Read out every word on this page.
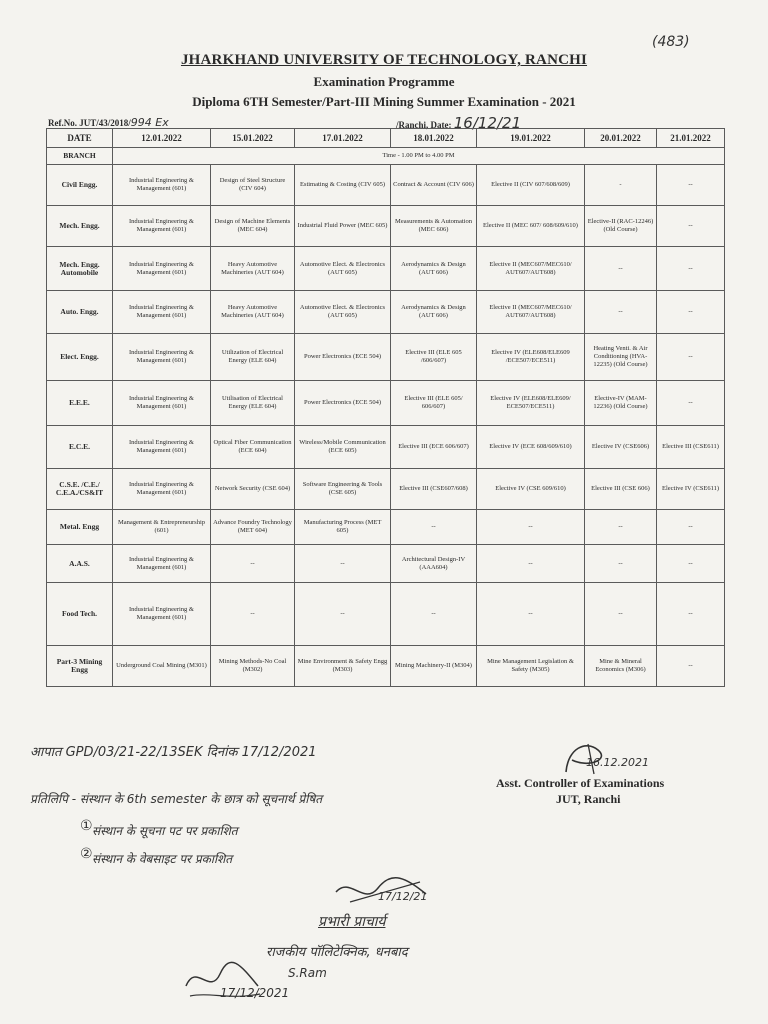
(483)
JHARKHAND UNIVERSITY OF TECHNOLOGY, RANCHI
Examination Programme
Diploma 6TH Semester/Part-III Mining Summer Examination - 2021
Ref.No. JUT/43/2018/994 Ex	/Ranchi, Date: 16/12/21
DATE	12.01.2022	15.01.2022	17.01.2022	18.01.2022	19.01.2022	20.01.2022	21.01.2022
BRANCH	Time - 1.00 PM to 4.00 PM						
Civil Engg.	Industrial Engineering & Management (601)	Design of Steel Structure (CIV 604)	Estimating & Costing (CIV 605)	Contract & Account (CIV 606)	Elective II (CIV 607/608/609)	-	--
Mech. Engg.	Industrial Engineering & Management (601)	Design of Machine Elements (MEC 604)	Industrial Fluid Power (MEC 605)	Measurements & Automation (MEC 606)	Elective II (MEC 607/ 608/609/610)	Elective-II (RAC-12246) (Old Course)	--
Mech. Engg. Automobile	Industrial Engineering & Management (601)	Heavy Automotive Machineries (AUT 604)	Automotive Elect. & Electronics (AUT 605)	Aerodynamics & Design (AUT 606)	Elective II (MEC607/MEC610/ AUT607/AUT608)	--	--
Auto. Engg.	Industrial Engineering & Management (601)	Heavy Automotive Machineries (AUT 604)	Automotive Elect. & Electronics (AUT 605)	Aerodynamics & Design (AUT 606)	Elective II (MEC607/MEC610/ AUT607/AUT608)	--	--
Elect. Engg.	Industrial Engineering & Management (601)	Utilization of Electrical Energy (ELE 604)	Power Electronics (ECE 504)	Elective III (ELE 605 /606/607)	Elective IV (ELE608/ELE609 /ECE507/ECE511)	Heating Venti. & Air Conditioning (HVA-12235) (Old Course)	--
E.E.E.	Industrial Engineering & Management (601)	Utilisation of Electrical Energy (ELE 604)	Power Electronics (ECE 504)	Elective III (ELE 605/ 606/607)	Elective IV (ELE608/ELE609/ ECE507/ECE511)	Elective-IV (MAM-12236) (Old Course)	--
E.C.E.	Industrial Engineering & Management (601)	Optical Fiber Communication (ECE 604)	Wireless/Mobile Communication (ECE 605)	Elective III (ECE 606/607)	Elective IV (ECE 608/609/610)	Elective IV (CSE606)	Elective III (CSE611)
C.S.E. /C.E./ C.E.A./CS&IT	Industrial Engineering & Management (601)	Network Security (CSE 604)	Software Engineering & Tools (CSE 605)	Elective III (CSE607/608)	Elective IV (CSE 609/610)	Elective III (CSE 606)	Elective IV (CSE611)
Metal. Engg	Management & Entrepreneurship (601)	Advance Foundry Technology (MET 604)	Manufacturing Process (MET 605)	--	--	--	--
A.A.S.	Industrial Engineering & Management (601)	--	--	Architectural Design-IV (AAA604)	--	--	--
Food Tech.	Industrial Engineering & Management (601)	--	--	--	--	--	--
Part-3 Mining Engg	Underground Coal Mining (M301)	Mining Methods-No Coal (M302)	Mine Environment & Safety Engg (M303)	Mining Machinery-II (M304)	Mine Management Legislation & Safety (M305)	Mine & Mineral Economics (M306)	--
आपात GPD/03/21-22/13SEK दिनांक 17/12/2021
प्रतिलिपि - संस्थान के 6th semester के छात्र को सूचनार्थ प्रेषित
संस्थान के सूचना पट पर प्रकाशित
संस्थान के वेबसाइट पर प्रकाशित
①
②
17/12/21
प्रभारी प्राचार्य
राजकीय पॉलिटेक्निक, धनबाद
S.Ram
17/12/2021
16.12.2021
Asst. Controller of Examinations
JUT, Ranchi
